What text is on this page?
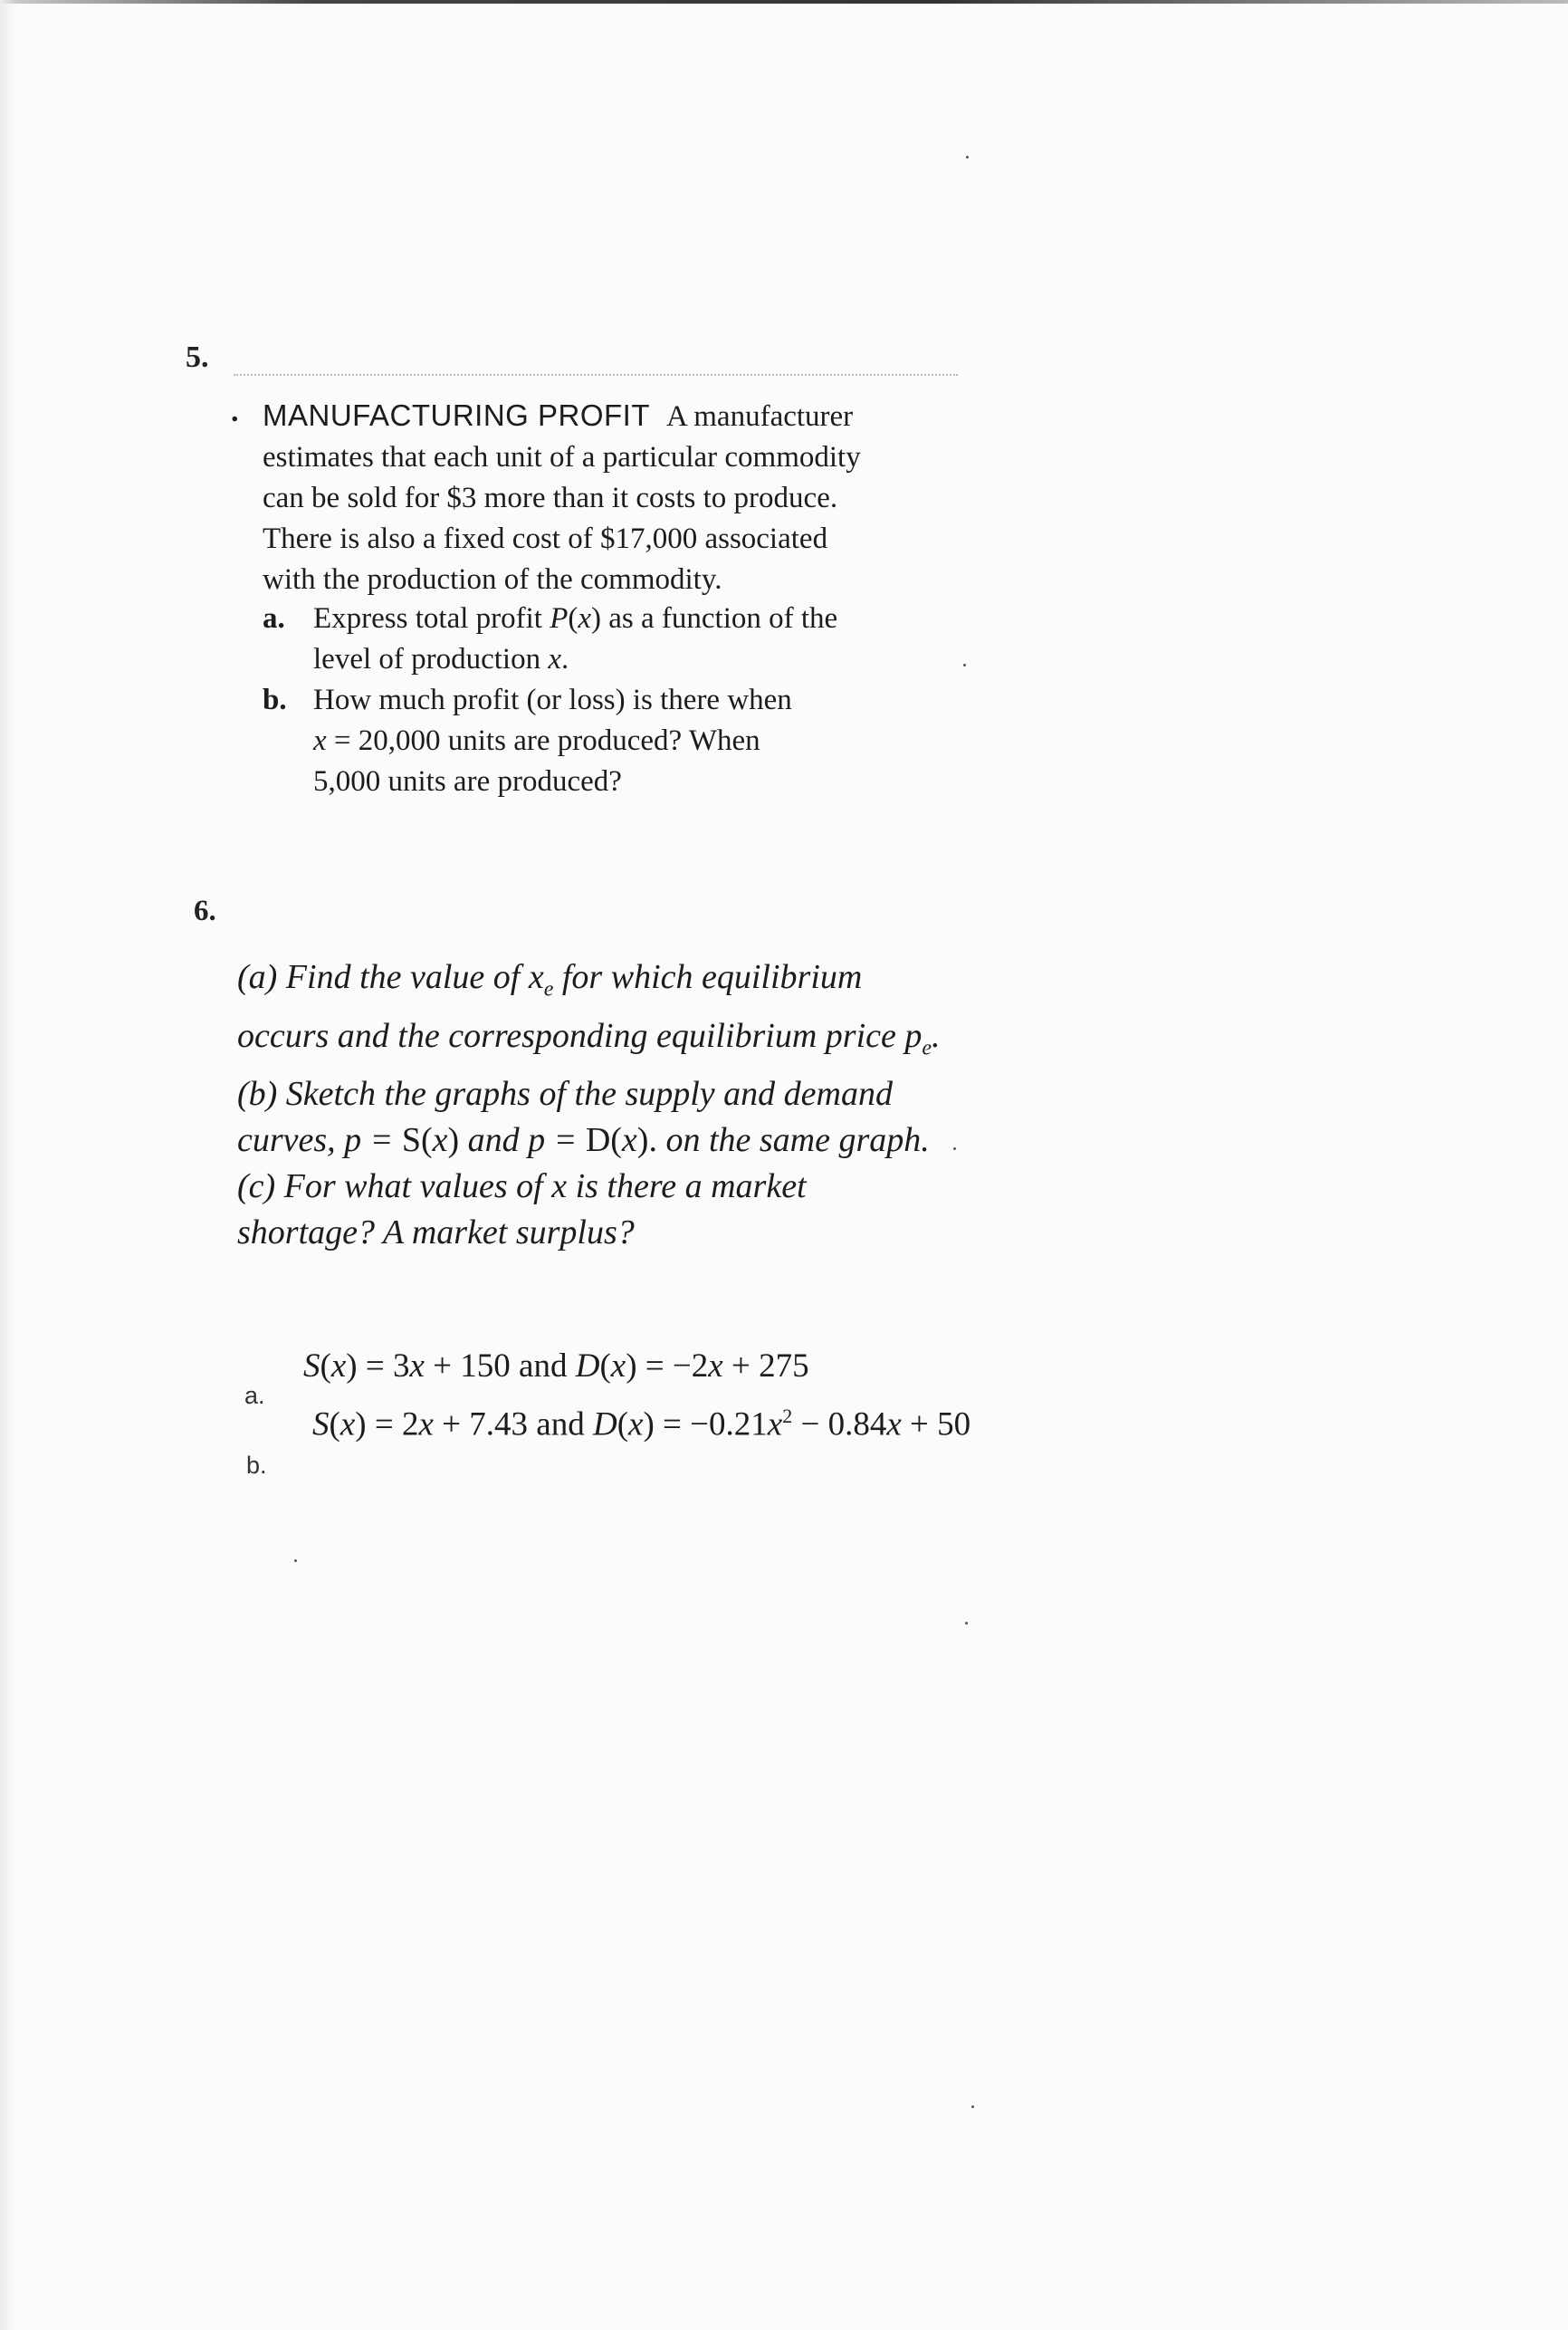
5.
. MANUFACTURING PROFIT A manufacturer
estimates that each unit of a particular commodity
can be sold for $3 more than it costs to produce.
There is also a fixed cost of $17,000 associated
with the production of the commodity.
a. Express total profit P(x) as a function of the
level of production x.
b. How much profit (or loss) is there when
x = 20,000 units are produced? When
5,000 units are produced?
6.
(a) Find the value of $x_e$ for which equilibrium
occurs and the corresponding equilibrium price $p_e$.
(b) Sketch the graphs of the supply and demand
curves, p = S(x) and p = D(x). on the same graph.
(c) For what values of x is there a market
shortage? A market surplus?
a.
S(x) = 3x + 150 and D(x) = −2x + 275
S(x) = 2x + 7.43 and $D(x) = -0.21x^2 - 0.84x + 50$
b.
